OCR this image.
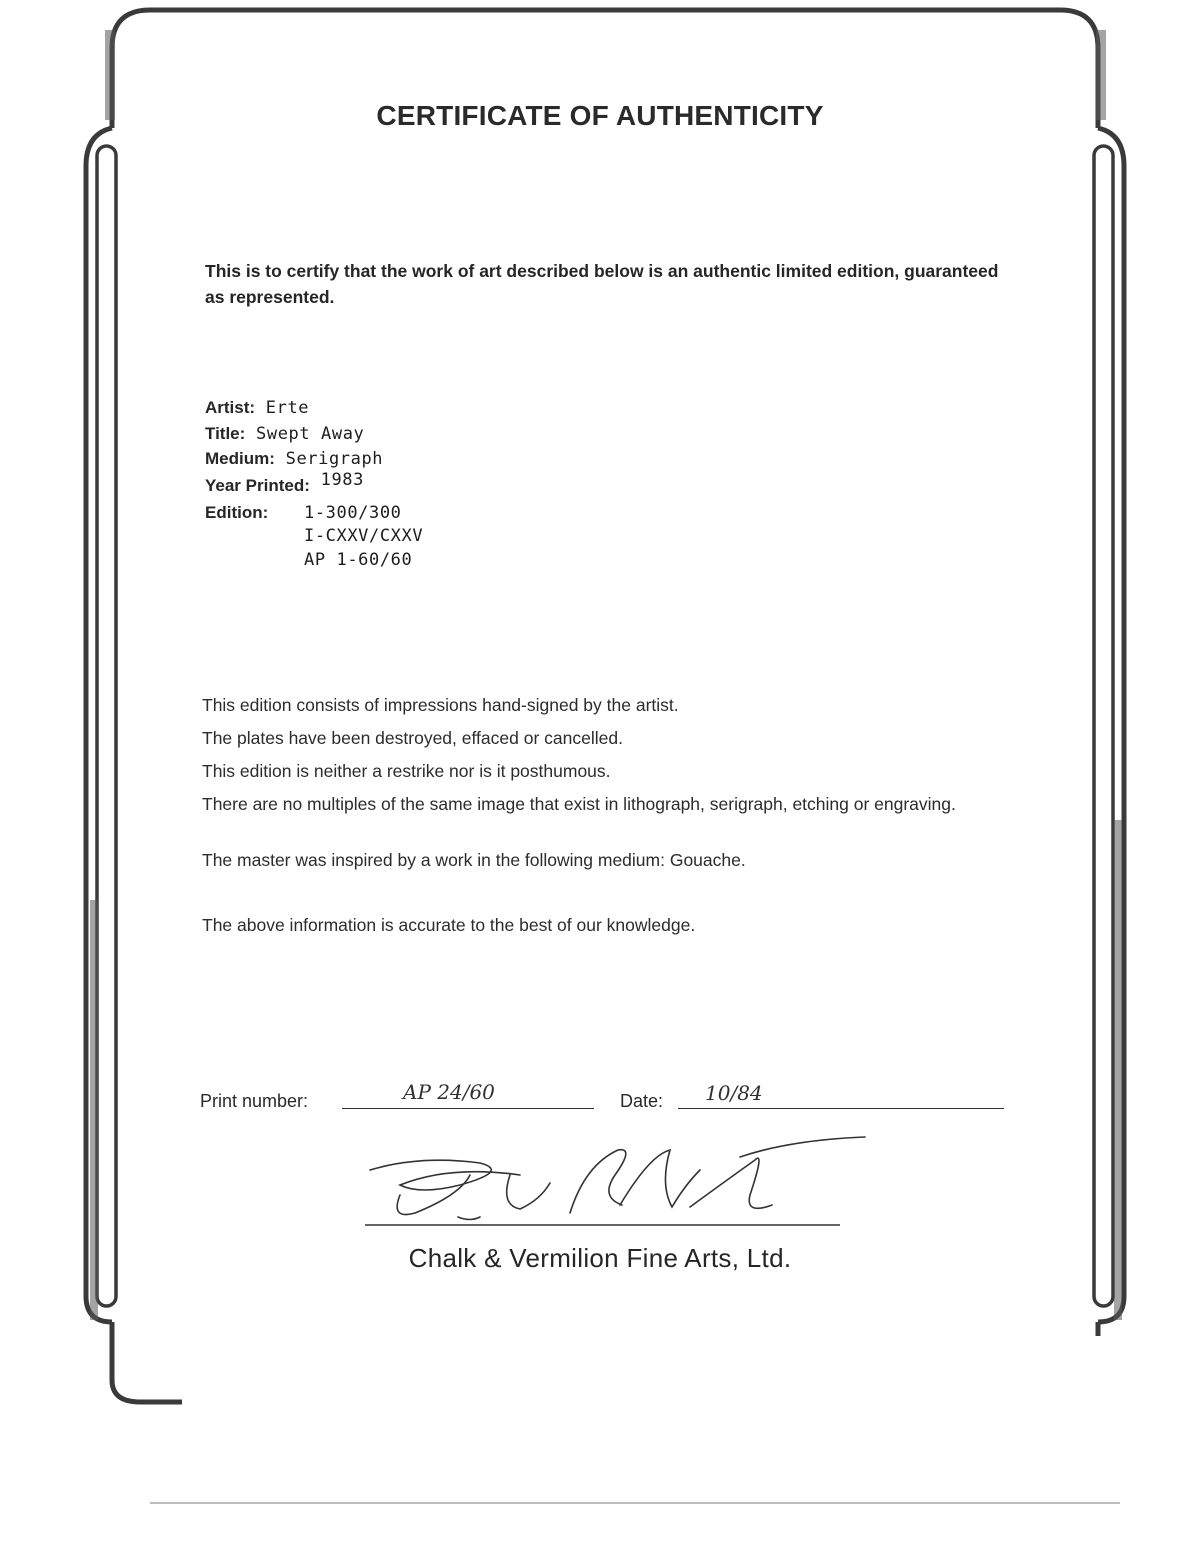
CERTIFICATE OF AUTHENTICITY

This is to certify that the work of art described below is an authentic limited edition, guaranteed as represented.

Artist: Erte
Title: Swept Away
Medium: Serigraph
Year Printed: 1983
Edition: 1-300/300
I-CXXV/CXXV
AP 1-60/60

This edition consists of impressions hand-signed by the artist.

The plates have been destroyed, effaced or cancelled.

This edition is neither a restrike nor is it posthumous.

There are no multiples of the same image that exist in lithograph, serigraph, etching or engraving.

The master was inspired by a work in the following medium: Gouache.

The above information is accurate to the best of our knowledge.

Print number:	AP 24/60	Date: 10/84
Chalk & Vermilion Fine Arts, Ltd.
